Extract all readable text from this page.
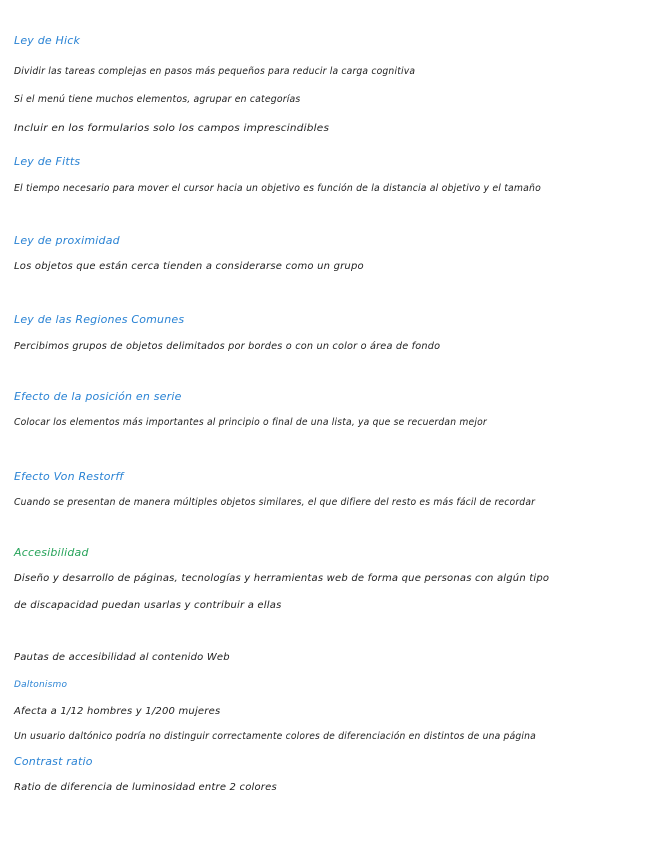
Ley de Hick
Dividir las tareas complejas en pasos más pequeños para reducir la carga cognitiva
Si el menú tiene muchos elementos, agrupar en categorías
Incluir en los formularios solo los campos imprescindibles
Ley de Fitts
El tiempo necesario para mover el cursor hacia un objetivo es función de la distancia al objetivo y el tamaño
Ley de proximidad
Los objetos que están cerca tienden a considerarse como un grupo
Ley de las Regiones Comunes
Percibimos grupos de objetos delimitados por bordes o con un color o área de fondo
Efecto de la posición en serie
Colocar los elementos más importantes al principio o final de una lista, ya que se recuerdan mejor
Efecto Von Restorff
Cuando se presentan de manera múltiples objetos similares, el que difiere del resto es más fácil de recordar
Accesibilidad
Diseño y desarrollo de páginas, tecnologías y herramientas web de forma que personas con algún tipo
de discapacidad puedan usarlas y contribuir a ellas
Pautas de accesibilidad al contenido Web
Daltonismo
Afecta a 1/12 hombres y 1/200 mujeres
Un usuario daltónico podría no distinguir correctamente colores de diferenciación en distintos de una página
Contrast ratio
Ratio de diferencia de luminosidad entre 2 colores
